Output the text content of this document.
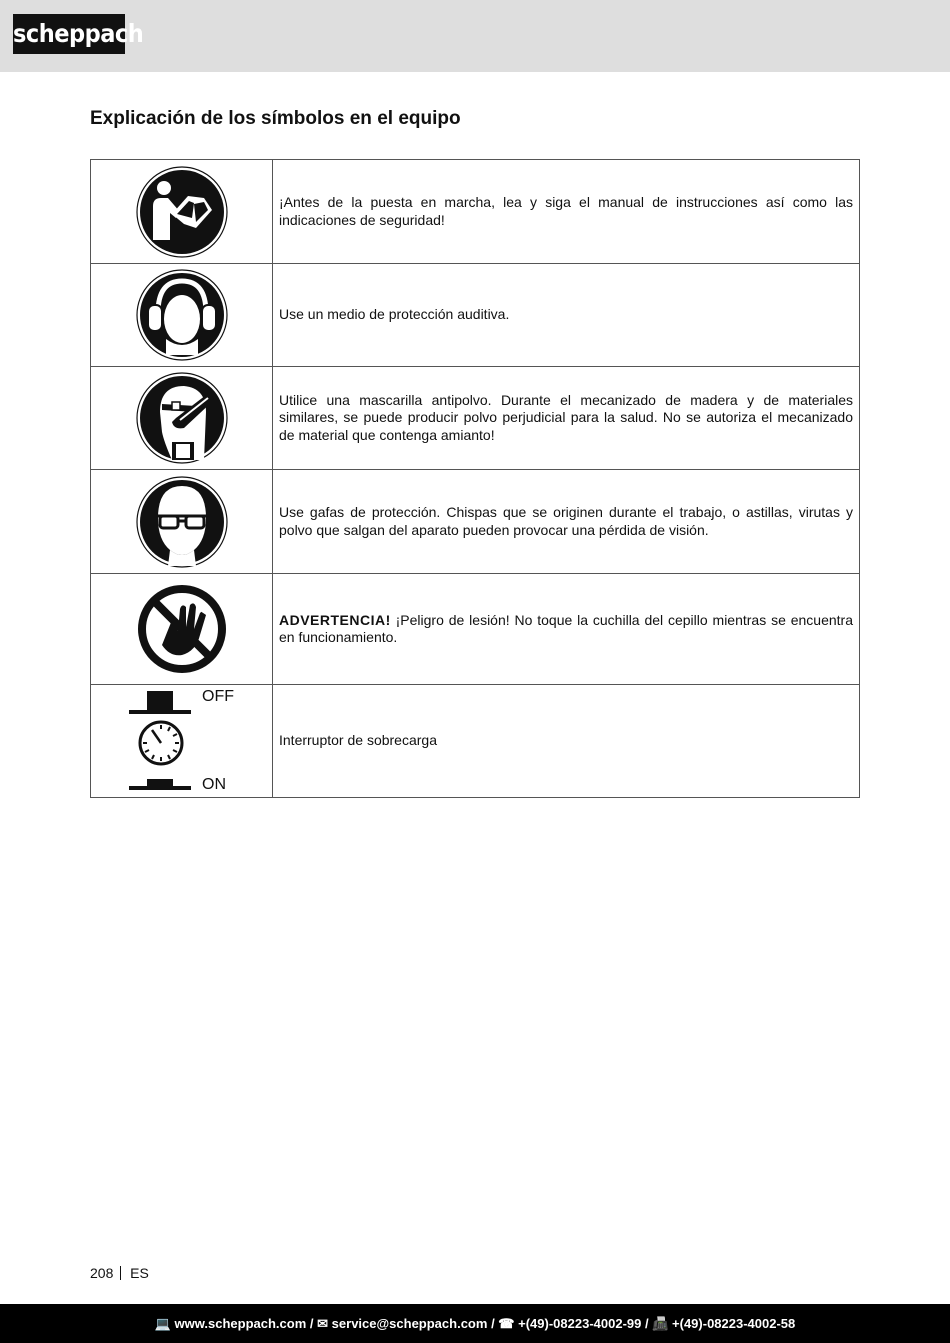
scheppach
Explicación de los símbolos en el equipo
	¡Antes de la puesta en marcha, lea y siga el manual de instrucciones así como las indicaciones de seguridad!

	Use un medio de protección auditiva.

	Utilice una mascarilla antipolvo. Durante el mecanizado de madera y de materiales similares, se puede producir polvo perjudicial para la salud. No se autoriza el mecanizado de material que contenga amianto!

	Use gafas de protección. Chispas que se originen durante el trabajo, o astillas, virutas y polvo que salgan del aparato pueden provocar una pérdida de visión.

	ADVERTENCIA! ¡Peligro de lesión! No toque la cuchilla del cepillo mientras se encuentra en funcionamiento.

OFF
ON	Interruptor de sobrecarga
208 ES
💻 www.scheppach.com / ✉ service@scheppach.com / ☎ +(49)-08223-4002-99 / 📠 +(49)-08223-4002-58
